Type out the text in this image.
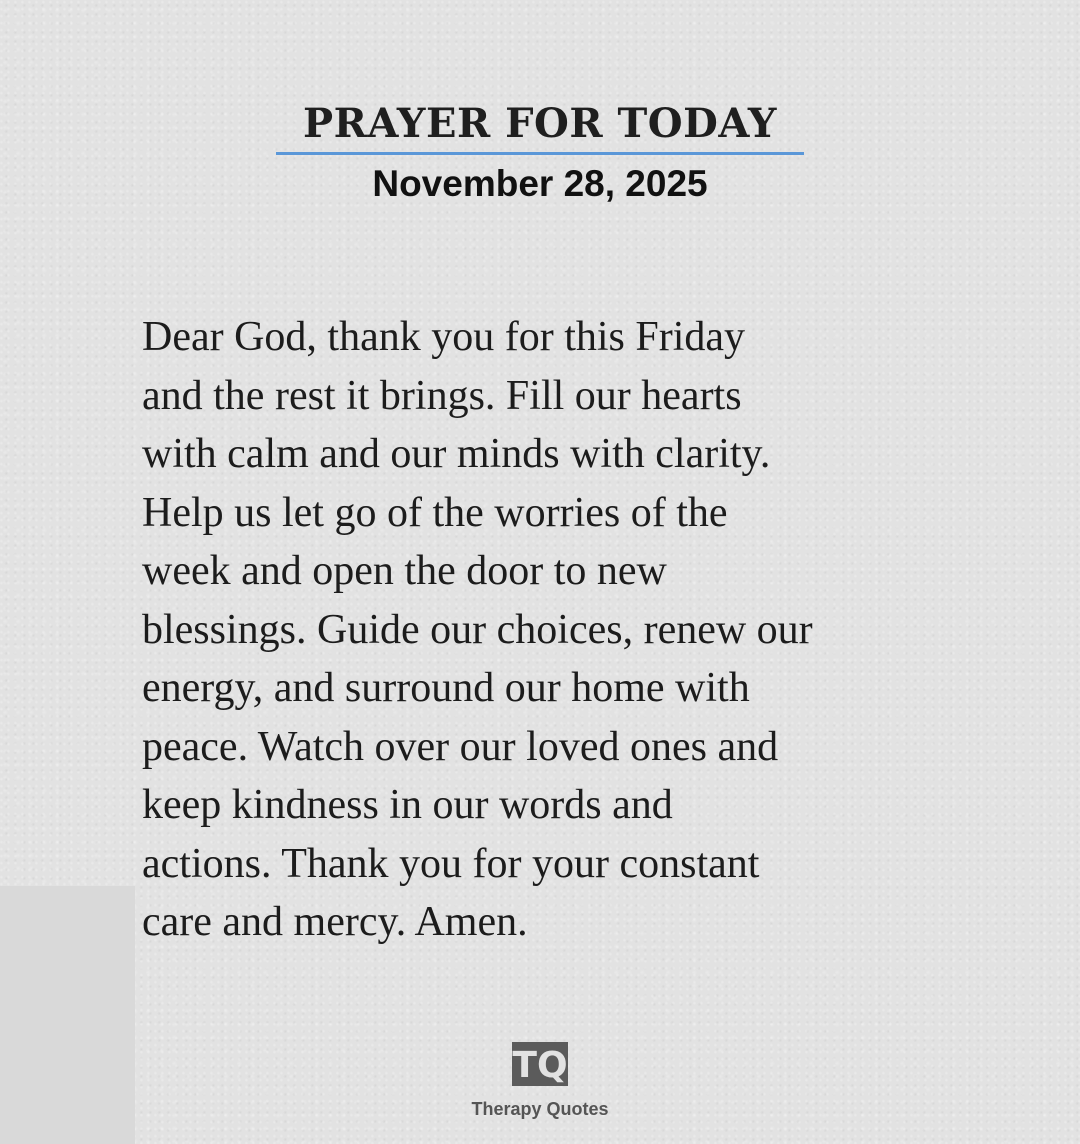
PRAYER FOR TODAY
November 28, 2025
Dear God, thank you for this Friday
and the rest it brings. Fill our hearts
with calm and our minds with clarity.
Help us let go of the worries of the
week and open the door to new
blessings. Guide our choices, renew our
energy, and surround our home with
peace. Watch over our loved ones and
keep kindness in our words and
actions. Thank you for your constant
care and mercy. Amen.
TQ
Therapy Quotes
